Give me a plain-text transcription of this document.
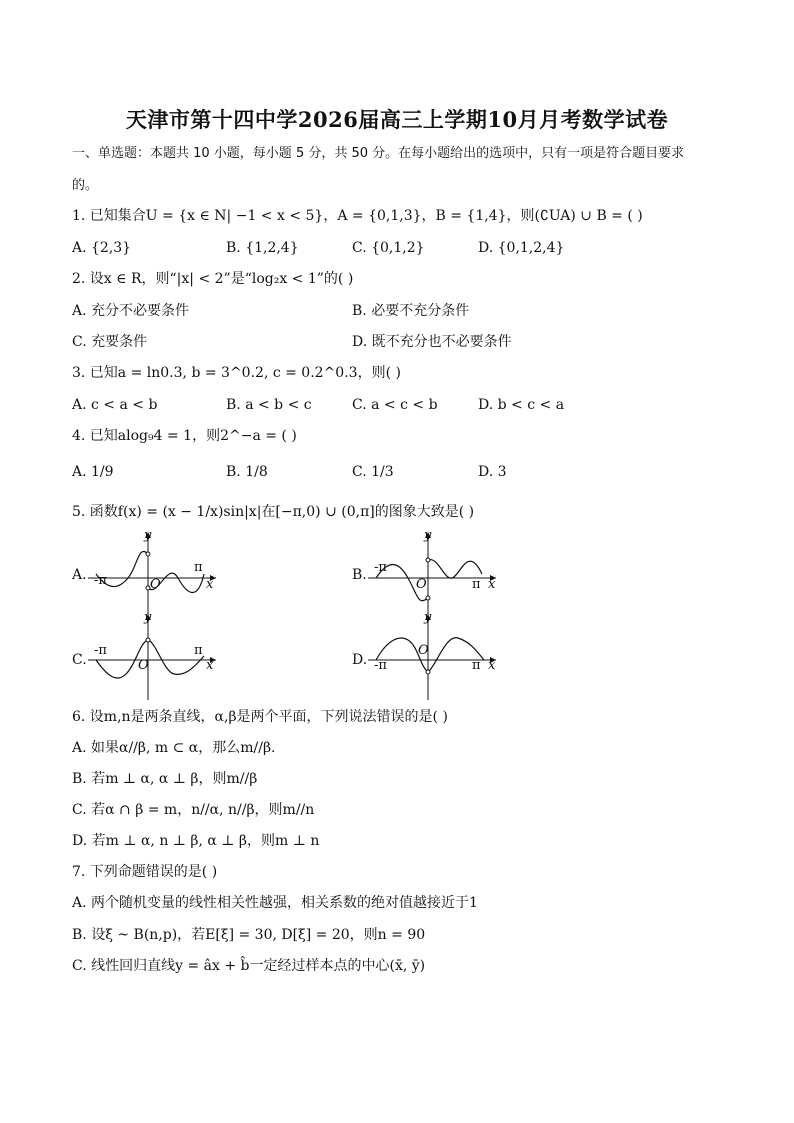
天津市第十四中学2026届高三上学期10月月考数学试卷
一、单选题：本题共 10 小题，每小题 5 分，共 50 分。在每小题给出的选项中，只有一项是符合题目要求
的。
1. 已知集合U = {x ∈ N| −1 < x < 5}，A = {0,1,3}，B = {1,4}，则(∁UA) ∪ B = ( )
A. {2,3}	B. {1,2,4}	C. {0,1,2}	D. {0,1,2,4}
2. 设x ∈ R，则“|x| < 2”是“log₂x < 1”的( )
A. 充分不必要条件	B. 必要不充分条件
C. 充要条件	D. 既不充分也不必要条件
3. 已知a = ln0.3, b = 3^0.2, c = 0.2^0.3，则( )
A. c < a < b	B. a < b < c	C. a < c < b	D. b < c < a
4. 已知alog₉4 = 1，则2^−a = ( )
A. 1/9	B. 1/8	C. 1/3	D. 3
5. 函数f(x) = (x − 1/x)sin|x|在[−π,0) ∪ (0,π]的图象大致是( )
A.
y
x
O
π
-π	B.
y
x
O	π
-π
C.
y
x
O
π
-π
D.
y
x
O
π
-π
6. 设m,n是两条直线，α,β是两个平面，下列说法错误的是( )
A. 如果α//β, m ⊂ α，那么m//β.
B. 若m ⊥ α, α ⊥ β，则m//β
C. 若α ∩ β = m，n//α, n//β，则m//n
D. 若m ⊥ α, n ⊥ β, α ⊥ β，则m ⊥ n
7. 下列命题错误的是( )
A. 两个随机变量的线性相关性越强，相关系数的绝对值越接近于1
B. 设ξ ~ B(n,p)，若E[ξ] = 30, D[ξ] = 20，则n = 90
C. 线性回归直线y = âx + b̂一定经过样本点的中心(x̄, ȳ)
